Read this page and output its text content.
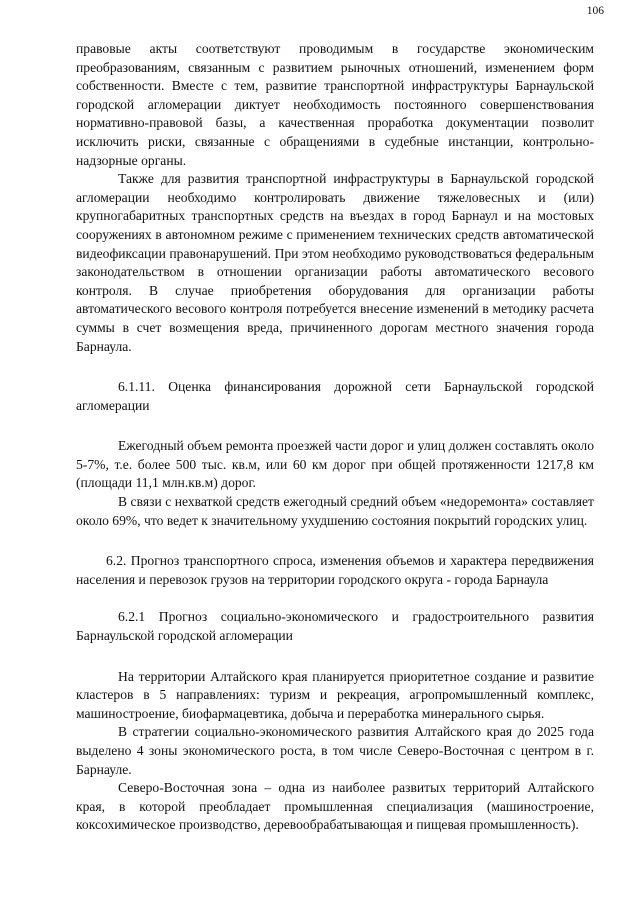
106

правовые акты соответствуют проводимым в государстве экономическим преобразованиям, связанным с развитием рыночных отношений, изменением форм собственности. Вместе с тем, развитие транспортной инфраструктуры Барнаульской городской агломерации диктует необходимость постоянного совершенствования нормативно-правовой базы, а качественная проработка документации позволит исключить риски, связанные с обращениями в судебные инстанции, контрольно-надзорные органы.

Также для развития транспортной инфраструктуры в Барнаульской городской агломерации необходимо контролировать движение тяжеловесных и (или) крупногабаритных транспортных средств на въездах в город Барнаул и на мостовых сооружениях в автономном режиме с применением технических средств автоматической видеофиксации правонарушений. При этом необходимо руководствоваться федеральным законодательством в отношении организации работы автоматического весового контроля. В случае приобретения оборудования для организации работы автоматического весового контроля потребуется внесение изменений в методику расчета суммы в счет возмещения вреда, причиненного дорогам местного значения города Барнаула.

6.1.11. Оценка финансирования дорожной сети Барнаульской городской агломерации

Ежегодный объем ремонта проезжей части дорог и улиц должен составлять около 5-7%, т.е. более 500 тыс. кв.м, или 60 км дорог при общей протяженности 1217,8 км (площади 11,1 млн.кв.м) дорог.

В связи с нехваткой средств ежегодный средний объем «недоремонта» составляет около 69%, что ведет к значительному ухудшению состояния покрытий городских улиц.

6.2. Прогноз транспортного спроса, изменения объемов и характера передвижения населения и перевозок грузов на территории городского округа - города Барнаула

6.2.1 Прогноз социально-экономического и градостроительного развития Барнаульской городской агломерации

На территории Алтайского края планируется приоритетное создание и развитие кластеров в 5 направлениях: туризм и рекреация, агропромышленный комплекс, машиностроение, биофармацевтика, добыча и переработка минерального сырья.

В стратегии социально-экономического развития Алтайского края до 2025 года выделено 4 зоны экономического роста, в том числе Северо-Восточная с центром в г. Барнауле.

Северо-Восточная зона – одна из наиболее развитых территорий Алтайского края, в которой преобладает промышленная специализация (машиностроение, коксохимическое производство, деревообрабатывающая и пищевая промышленность).
